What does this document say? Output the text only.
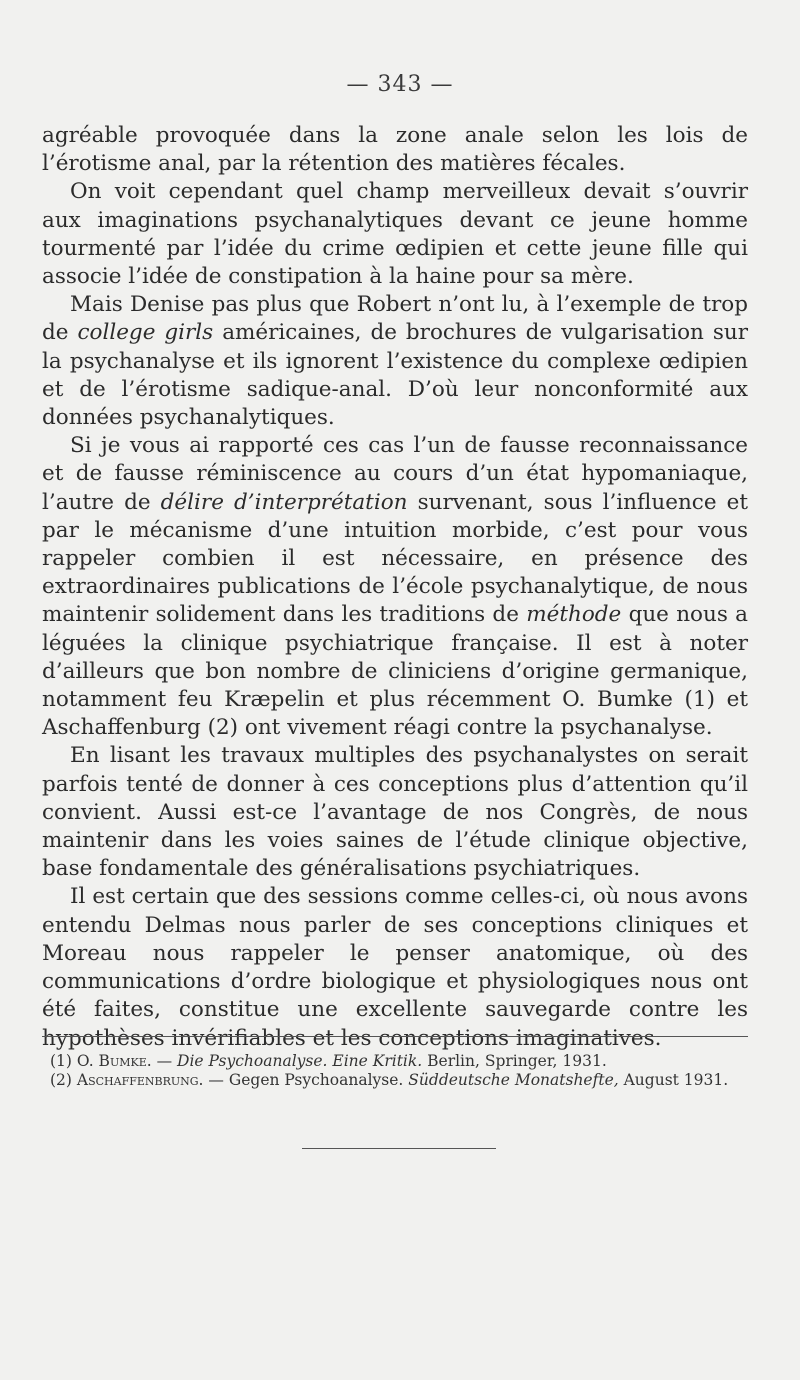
— 343 —

agréable provoquée dans la zone anale selon les lois de l’érotisme anal, par la rétention des matières fécales.

On voit cependant quel champ merveilleux devait s’ouvrir aux imaginations psychanalytiques devant ce jeune homme tourmenté par l’idée du crime œdipien et cette jeune fille qui associe l’idée de constipation à la haine pour sa mère.

Mais Denise pas plus que Robert n’ont lu, à l’exemple de trop de college girls américaines, de brochures de vulgarisation sur la psychanalyse et ils ignorent l’existence du complexe œdipien et de l’érotisme sadique-anal. D’où leur nonconformité aux données psychanalytiques.

Si je vous ai rapporté ces cas l’un de fausse reconnaissance et de fausse réminiscence au cours d’un état hypomaniaque, l’autre de délire d’interprétation survenant, sous l’influence et par le mécanisme d’une intuition morbide, c’est pour vous rappeler combien il est nécessaire, en présence des extraordinaires publications de l’école psychanalytique, de nous maintenir solidement dans les traditions de méthode que nous a léguées la clinique psychiatrique française. Il est à noter d’ailleurs que bon nombre de cliniciens d’origine germanique, notamment feu Kræpelin et plus récemment O. Bumke (1) et Aschaffenburg (2) ont vivement réagi contre la psychanalyse.

En lisant les travaux multiples des psychanalystes on serait parfois tenté de donner à ces conceptions plus d’attention qu’il convient. Aussi est-ce l’avantage de nos Congrès, de nous maintenir dans les voies saines de l’étude clinique objective, base fondamentale des généralisations psychiatriques.

Il est certain que des sessions comme celles-ci, où nous avons entendu Delmas nous parler de ses conceptions cliniques et Moreau nous rappeler le penser anatomique, où des communications d’ordre biologique et physiologiques nous ont été faites, constitue une excellente sauvegarde contre les hypothèses invérifiables et les conceptions imaginatives.

(1) O. Bumke. — Die Psychoanalyse. Eine Kritik. Berlin, Springer, 1931.

(2) Aschaffenbrung. — Gegen Psychoanalyse. Süddeutsche Monatshefte, August 1931.
